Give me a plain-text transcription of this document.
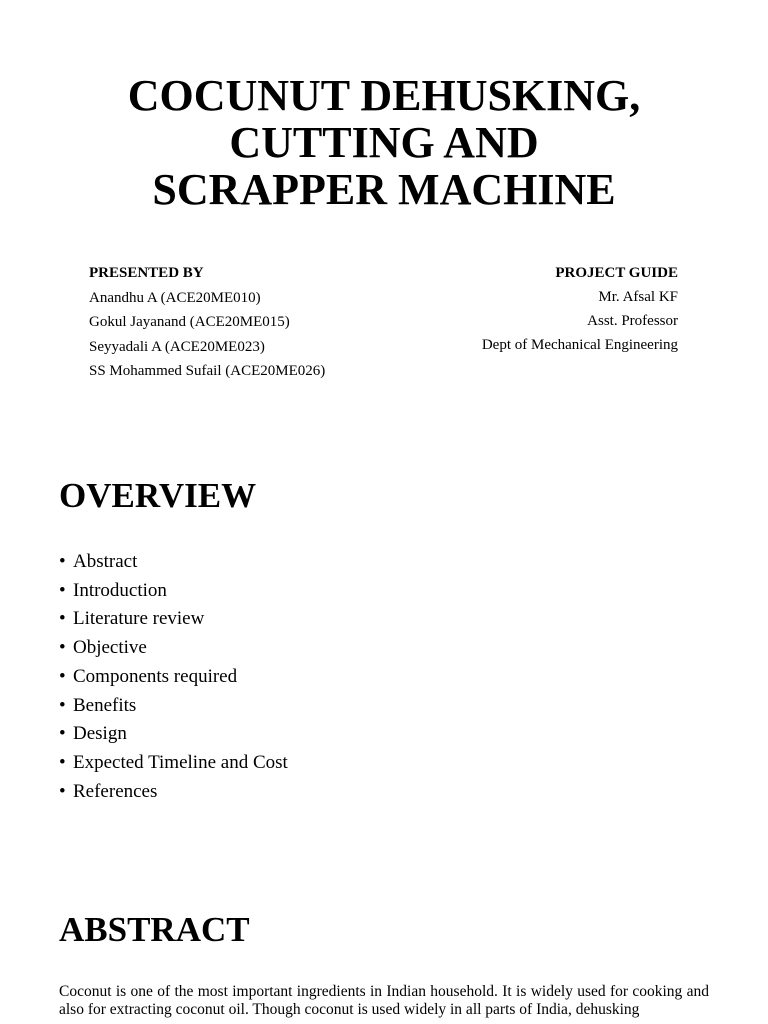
COCUNUT DEHUSKING,
CUTTING AND
SCRAPPER MACHINE
PRESENTED BY
Anandhu A (ACE20ME010)
Gokul Jayanand (ACE20ME015)
Seyyadali A (ACE20ME023)
SS Mohammed Sufail (ACE20ME026)
PROJECT GUIDE
Mr. Afsal KF
Asst. Professor
Dept of Mechanical Engineering
OVERVIEW
• Abstract
• Introduction
• Literature review
• Objective
• Components required
• Benefits
• Design
• Expected Timeline and Cost
• References
ABSTRACT
Coconut is one of the most important ingredients in Indian household. It is widely used for cooking and also for extracting coconut oil. Though coconut is used widely in all parts of India, dehusking
